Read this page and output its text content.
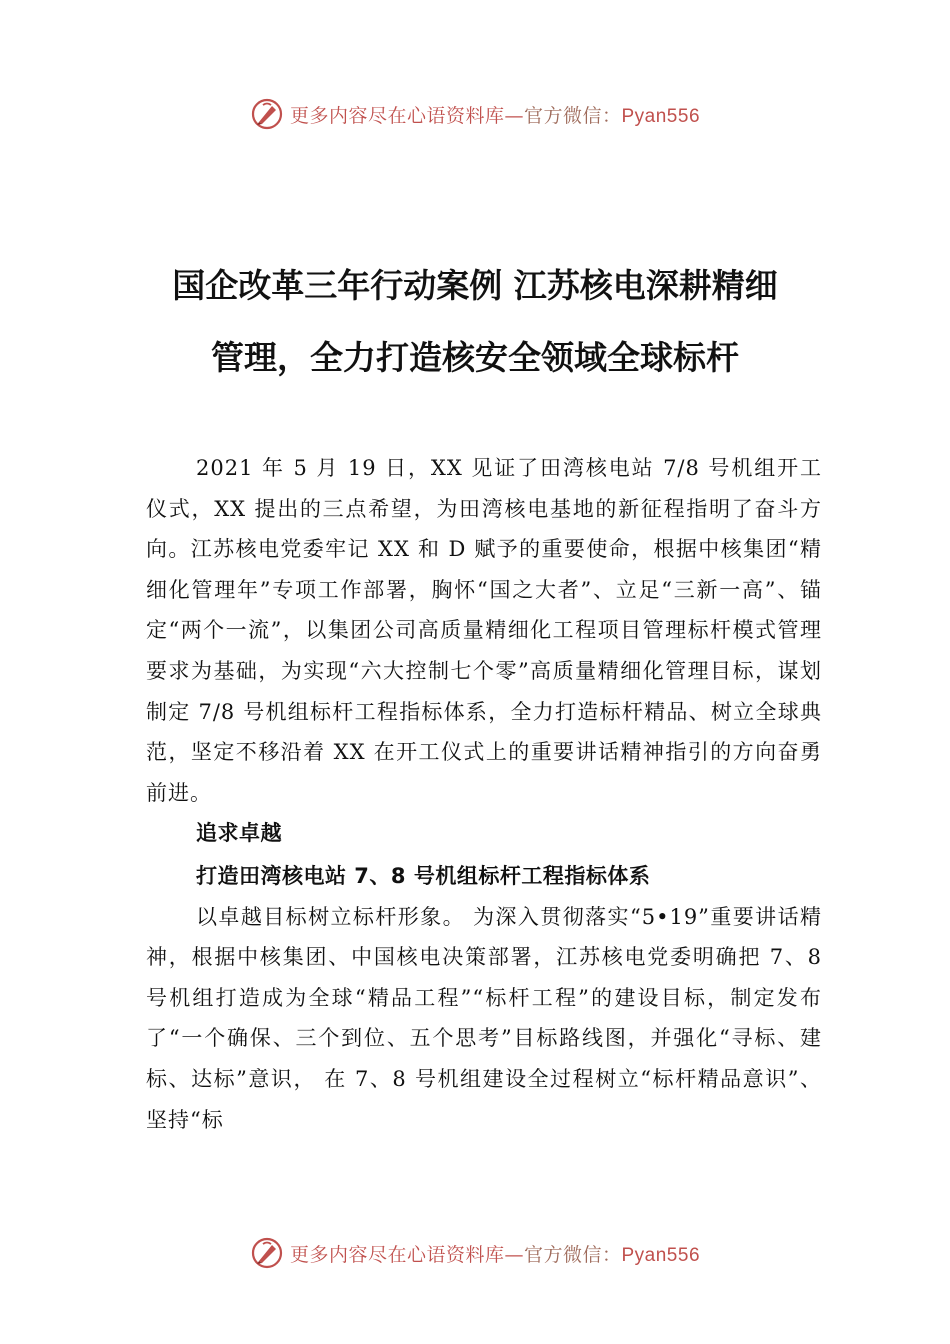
更多内容尽在心语资料库—官方微信：Pyan556
国企改革三年行动案例 江苏核电深耕精细
管理，全力打造核安全领域全球标杆

2021 年 5 月 19 日，XX 见证了田湾核电站 7/8 号机组开工仪式，XX 提出的三点希望，为田湾核电基地的新征程指明了奋斗方向。江苏核电党委牢记 XX 和 D 赋予的重要使命，根据中核集团“精细化管理年”专项工作部署，胸怀“国之大者”、立足“三新一高”、锚定“两个一流”，以集团公司高质量精细化工程项目管理标杆模式管理要求为基础，为实现“六大控制七个零”高质量精细化管理目标，谋划制定 7/8 号机组标杆工程指标体系，全力打造标杆精品、树立全球典范，坚定不移沿着 XX 在开工仪式上的重要讲话精神指引的方向奋勇前进。

追求卓越
打造田湾核电站 7、8 号机组标杆工程指标体系

以卓越目标树立标杆形象。 为深入贯彻落实“5•19”重要讲话精神，根据中核集团、中国核电决策部署，江苏核电党委明确把 7、8 号机组打造成为全球“精品工程”“标杆工程”的建设目标，制定发布了“一个确保、三个到位、五个思考”目标路线图，并强化“寻标、建标、达标”意识， 在 7、8 号机组建设全过程树立“标杆精品意识”、坚持“标

更多内容尽在心语资料库—官方微信：Pyan556
